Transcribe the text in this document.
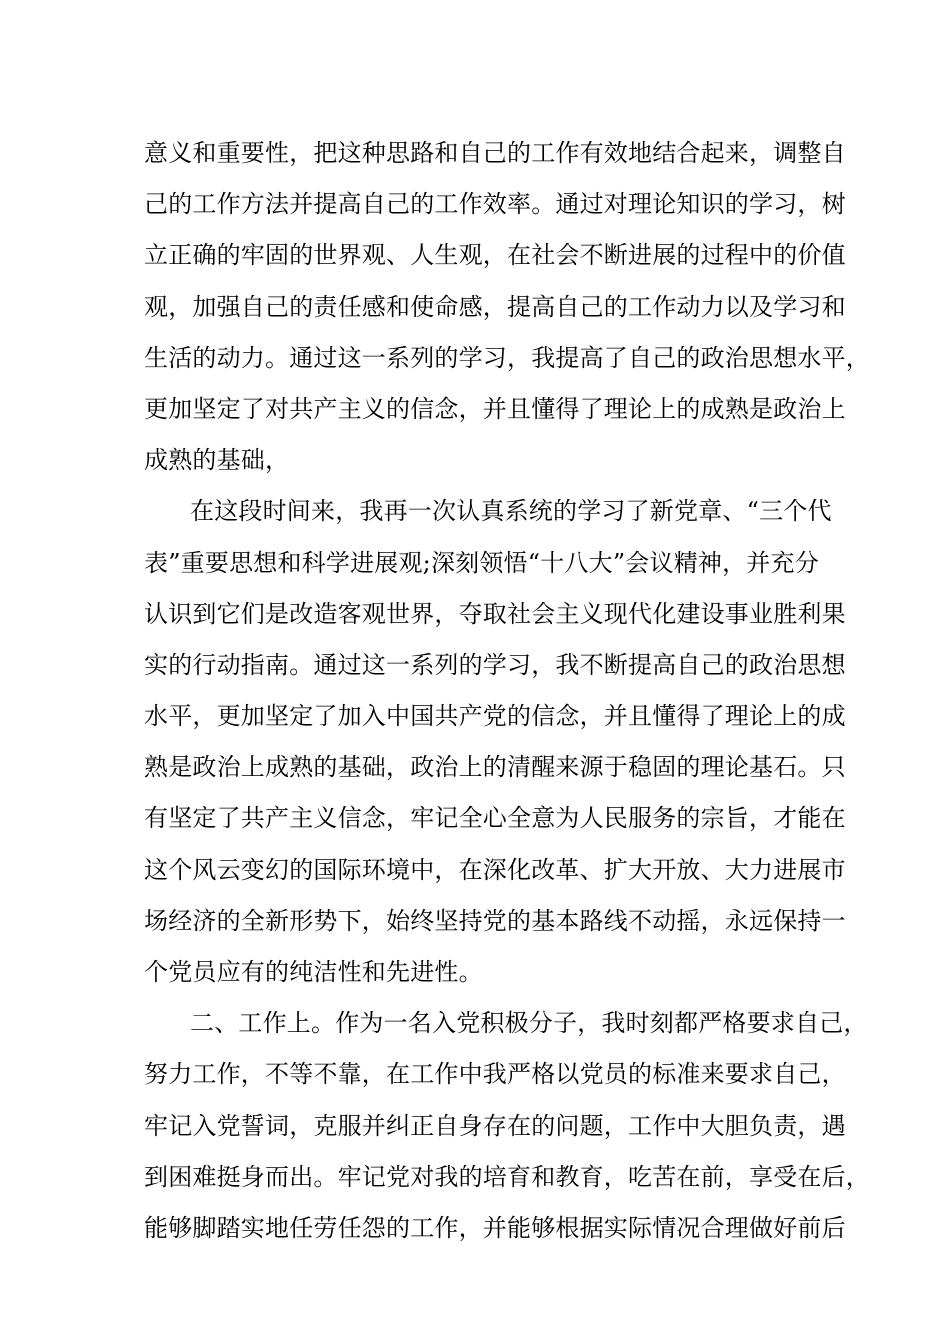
意义和重要性，把这种思路和自己的工作有效地结合起来，调整自
己的工作方法并提高自己的工作效率。通过对理论知识的学习，树
立正确的牢固的世界观、人生观，在社会不断进展的过程中的价值
观，加强自己的责任感和使命感，提高自己的工作动力以及学习和
生活的动力。通过这一系列的学习，我提高了自己的政治思想水平，
更加坚定了对共产主义的信念，并且懂得了理论上的成熟是政治上
成熟的基础，
在这段时间来，我再一次认真系统的学习了新党章、“三个代
表”重要思想和科学进展观;深刻领悟“十八大”会议精神，并充分
认识到它们是改造客观世界，夺取社会主义现代化建设事业胜利果
实的行动指南。通过这一系列的学习，我不断提高自己的政治思想
水平，更加坚定了加入中国共产党的信念，并且懂得了理论上的成
熟是政治上成熟的基础，政治上的清醒来源于稳固的理论基石。只
有坚定了共产主义信念，牢记全心全意为人民服务的宗旨，才能在
这个风云变幻的国际环境中，在深化改革、扩大开放、大力进展市
场经济的全新形势下，始终坚持党的基本路线不动摇，永远保持一
个党员应有的纯洁性和先进性。
二、工作上。作为一名入党积极分子，我时刻都严格要求自己，
努力工作，不等不靠，在工作中我严格以党员的标准来要求自己，
牢记入党誓词，克服并纠正自身存在的问题，工作中大胆负责，遇
到困难挺身而出。牢记党对我的培育和教育，吃苦在前，享受在后，
能够脚踏实地任劳任怨的工作，并能够根据实际情况合理做好前后
